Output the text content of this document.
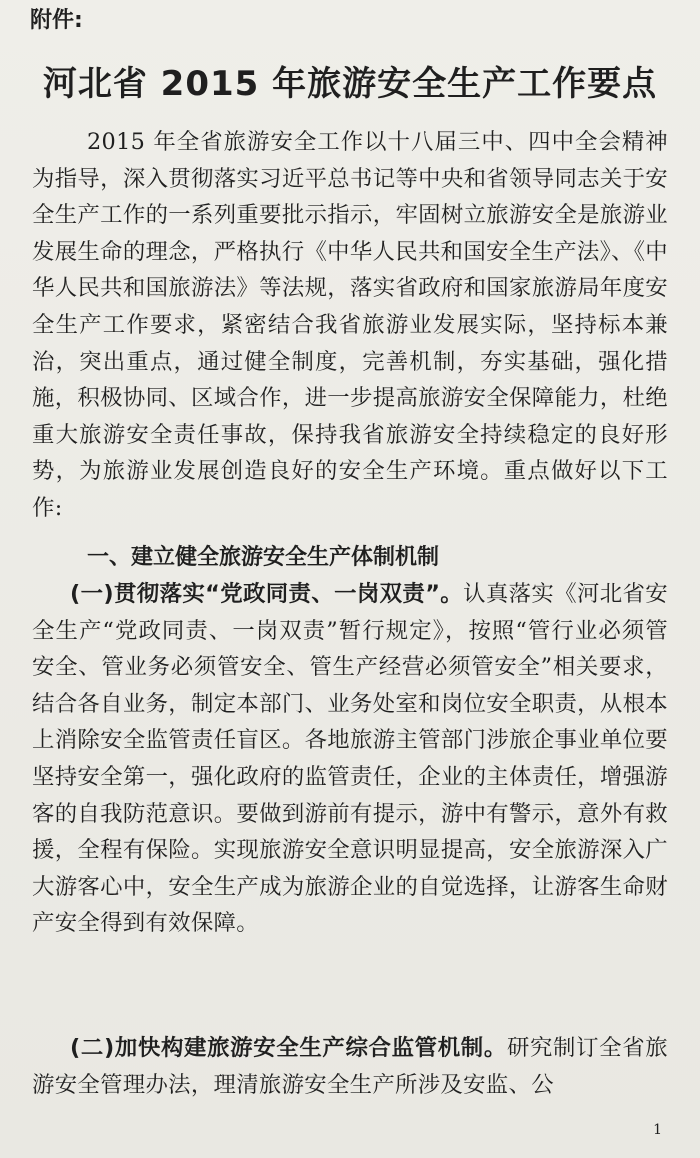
附件:

河北省 2015 年旅游安全生产工作要点

2015 年全省旅游安全工作以十八届三中、四中全会精神为指导，深入贯彻落实习近平总书记等中央和省领导同志关于安全生产工作的一系列重要批示指示，牢固树立旅游安全是旅游业发展生命的理念，严格执行《中华人民共和国安全生产法》、《中华人民共和国旅游法》等法规，落实省政府和国家旅游局年度安全生产工作要求，紧密结合我省旅游业发展实际，坚持标本兼治，突出重点，通过健全制度，完善机制，夯实基础，强化措施，积极协同、区域合作，进一步提高旅游安全保障能力，杜绝重大旅游安全责任事故，保持我省旅游安全持续稳定的良好形势，为旅游业发展创造良好的安全生产环境。重点做好以下工作:

一、建立健全旅游安全生产体制机制

(一)贯彻落实“党政同责、一岗双责”。认真落实《河北省安全生产“党政同责、一岗双责”暂行规定》，按照“管行业必须管安全、管业务必须管安全、管生产经营必须管安全”相关要求，结合各自业务，制定本部门、业务处室和岗位安全职责，从根本上消除安全监管责任盲区。各地旅游主管部门涉旅企事业单位要坚持安全第一，强化政府的监管责任，企业的主体责任，增强游客的自我防范意识。要做到游前有提示，游中有警示，意外有救援，全程有保险。实现旅游安全意识明显提高，安全旅游深入广大游客心中，安全生产成为旅游企业的自觉选择，让游客生命财产安全得到有效保障。

(二)加快构建旅游安全生产综合监管机制。研究制订全省旅游安全管理办法，理清旅游安全生产所涉及安监、公

1
